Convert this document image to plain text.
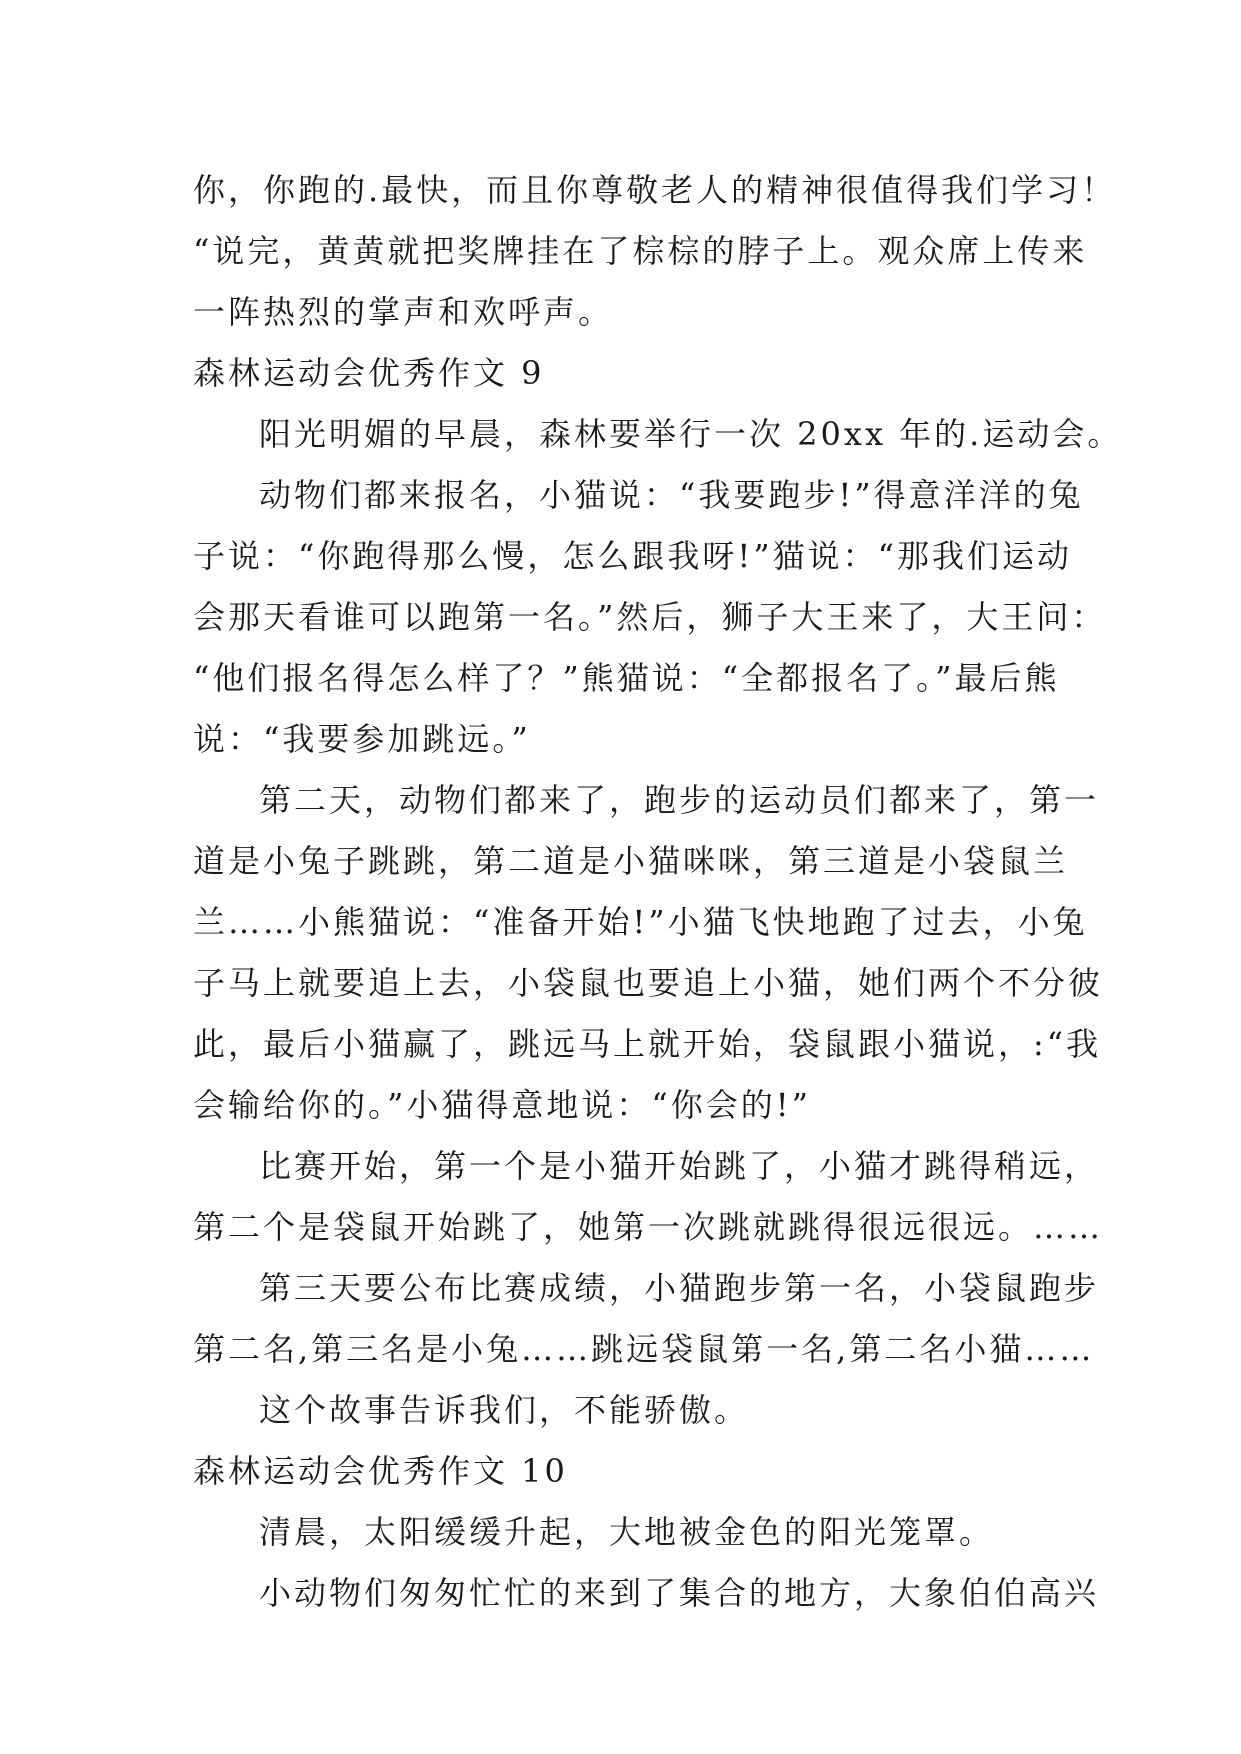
你，你跑的.最快，而且你尊敬老人的精神很值得我们学习！
“说完，黄黄就把奖牌挂在了棕棕的脖子上。观众席上传来
一阵热烈的掌声和欢呼声。
森林运动会优秀作文 9
阳光明媚的早晨，森林要举行一次 20xx 年的.运动会。
动物们都来报名，小猫说：“我要跑步!”得意洋洋的兔
子说：“你跑得那么慢，怎么跟我呀!”猫说：“那我们运动
会那天看谁可以跑第一名。”然后，狮子大王来了，大王问：
“他们报名得怎么样了？”熊猫说：“全都报名了。”最后熊
说：“我要参加跳远。”
第二天，动物们都来了，跑步的运动员们都来了，第一
道是小兔子跳跳，第二道是小猫咪咪，第三道是小袋鼠兰
兰……小熊猫说：“准备开始!”小猫飞快地跑了过去，小兔
子马上就要追上去，小袋鼠也要追上小猫，她们两个不分彼
此，最后小猫赢了，跳远马上就开始，袋鼠跟小猫说，:“我
会输给你的。”小猫得意地说：“你会的!”
比赛开始，第一个是小猫开始跳了，小猫才跳得稍远，
第二个是袋鼠开始跳了，她第一次跳就跳得很远很远。……
第三天要公布比赛成绩，小猫跑步第一名，小袋鼠跑步
第二名,第三名是小兔……跳远袋鼠第一名,第二名小猫……
这个故事告诉我们，不能骄傲。
森林运动会优秀作文 10
清晨，太阳缓缓升起，大地被金色的阳光笼罩。
小动物们匆匆忙忙的来到了集合的地方，大象伯伯高兴
